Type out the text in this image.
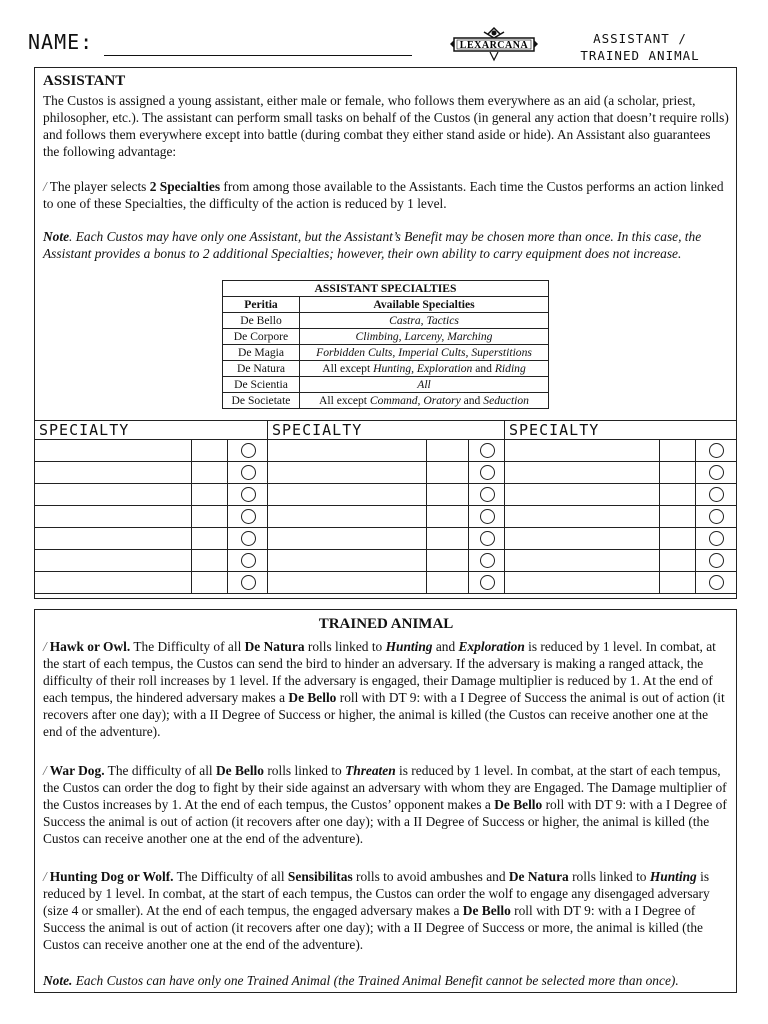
NAME:	LEXARCANA	ASSISTANT /
TRAINED ANIMAL
ASSISTANT

The Custos is assigned a young assistant, either male or female, who follows them everywhere as an aid (a scholar, priest, philosopher, etc.). The assistant can perform small tasks on behalf of the Custos (in general any action that doesn’t require rolls) and follows them everywhere except into battle (during combat they either stand aside or hide). An Assistant also guarantees the following advantage:

/ The player selects 2 Specialties from among those available to the Assistants. Each time the Custos performs an action linked to one of these Specialties, the difficulty of the action is reduced by 1 level.

Note. Each Custos may have only one Assistant, but the Assistant’s Benefit may be chosen more than once. In this case, the Assistant provides a bonus to 2 additional Specialties; however, their own ability to carry equipment does not increase.

ASSISTANT SPECIALTIES	
Peritia	Available Specialties
De Bello	Castra, Tactics
De Corpore	Climbing, Larceny, Marching
De Magia	Forbidden Cults, Imperial Cults, Superstitions
De Natura	All except Hunting, Exploration and Riding
De Scientia	All
De Societate	All except Command, Oratory and Seduction
SPECIALTY	SPECIALTY	SPECIALTY
TRAINED ANIMAL

/ Hawk or Owl. The Difficulty of all De Natura rolls linked to Hunting and Exploration is reduced by 1 level. In combat, at the start of each tempus, the Custos can send the bird to hinder an adversary. If the adversary is making a ranged attack, the difficulty of their roll increases by 1 level. If the adversary is engaged, their Damage multiplier is reduced by 1. At the end of each tempus, the hindered adversary makes a De Bello roll with DT 9: with a I Degree of Success the animal is out of action (it recovers after one day); with a II Degree of Success or higher, the animal is killed (the Custos can receive another one at the end of the adventure).

/ War Dog. The difficulty of all De Bello rolls linked to Threaten is reduced by 1 level. In combat, at the start of each tempus, the Custos can order the dog to fight by their side against an adversary with whom they are Engaged. The Damage multiplier of the Custos increases by 1. At the end of each tempus, the Custos’ opponent makes a De Bello roll with DT 9: with a I Degree of Success the animal is out of action (it recovers after one day); with a II Degree of Success or higher, the animal is killed (the Custos can receive another one at the end of the adventure).

/ Hunting Dog or Wolf. The Difficulty of all Sensibilitas rolls to avoid ambushes and De Natura rolls linked to Hunting is reduced by 1 level. In combat, at the start of each tempus, the Custos can order the wolf to engage any disengaged adversary (size 4 or smaller). At the end of each tempus, the engaged adversary makes a De Bello roll with DT 9: with a I Degree of Success the animal is out of action (it recovers after one day); with a II Degree of Success or more, the animal is killed (the Custos can receive another one at the end of the adventure).

Note. Each Custos can have only one Trained Animal (the Trained Animal Benefit cannot be selected more than once).
